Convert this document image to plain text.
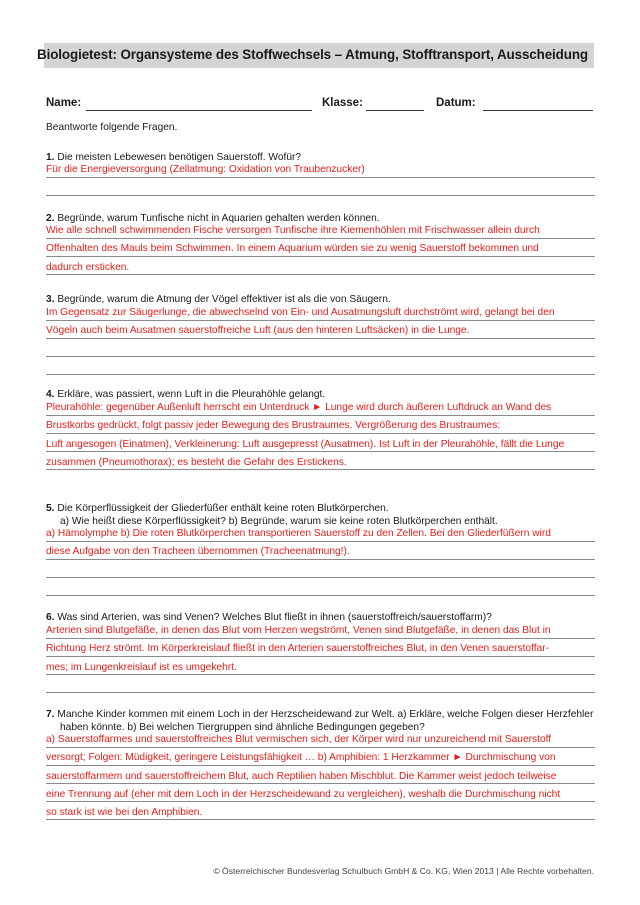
Biologietest: Organsysteme des Stoffwechsels – Atmung, Stofftransport, Ausscheidung
Name:	Klasse:	Datum:
Beantworte folgende Fragen.
1. Die meisten Lebewesen benötigen Sauerstoff. Wofür?
Für die Energieversorgung (Zellatmung: Oxidation von Traubenzucker)
2. Begründe, warum Tunfische nicht in Aquarien gehalten werden können.
Wie alle schnell schwimmenden Fische versorgen Tunfische ihre Kiemenhöhlen mit Frischwasser allein durch
Offenhalten des Mauls beim Schwimmen. In einem Aquarium würden sie zu wenig Sauerstoff bekommen und
dadurch ersticken.
3. Begründe, warum die Atmung der Vögel effektiver ist als die von Säugern.
Im Gegensatz zur Säugerlunge, die abwechselnd von Ein- und Ausatmungsluft durchströmt wird, gelangt bei den
Vögeln auch beim Ausatmen sauerstoffreiche Luft (aus den hinteren Luftsäcken) in die Lunge.
4. Erkläre, was passiert, wenn Luft in die Pleurahöhle gelangt.
Pleurahöhle: gegenüber Außenluft herrscht ein Unterdruck ► Lunge wird durch äußeren Luftdruck an Wand des
Brustkorbs gedrückt, folgt passiv jeder Bewegung des Brustraumes. Vergrößerung des Brustraumes:
Luft angesogen (Einatmen), Verkleinerung: Luft ausgepresst (Ausatmen). Ist Luft in der Pleurahöhle, fällt die Lunge
zusammen (Pneumothorax); es besteht die Gefahr des Erstickens.
5. Die Körperflüssigkeit der Gliederfüßer enthält keine roten Blutkörperchen.
a) Wie heißt diese Körperflüssigkeit? b) Begründe, warum sie keine roten Blutkörperchen enthält.
a) Hämolymphe b) Die roten Blutkörperchen transportieren Sauerstoff zu den Zellen. Bei den Gliederfüßern wird
diese Aufgabe von den Tracheen übernommen (Tracheenatmung!).
6. Was sind Arterien, was sind Venen? Welches Blut fließt in ihnen (sauerstoffreich/sauerstoffarm)?
Arterien sind Blutgefäße, in denen das Blut vom Herzen wegströmt, Venen sind Blutgefäße, in denen das Blut in
Richtung Herz strömt. Im Körperkreislauf fließt in den Arterien sauerstoffreiches Blut, in den Venen sauerstoffar-
mes; im Lungenkreislauf ist es umgekehrt.
7. Manche Kinder kommen mit einem Loch in der Herzscheidewand zur Welt. a) Erkläre, welche Folgen dieser Herzfehler
haben könnte. b) Bei welchen Tiergruppen sind ähnliche Bedingungen gegeben?
a) Sauerstoffarmes und sauerstoffreiches Blut vermischen sich, der Körper wird nur unzureichend mit Sauerstoff
versorgt; Folgen: Müdigkeit, geringere Leistungsfähigkeit … b) Amphibien: 1 Herzkammer ► Durchmischung von
sauerstoffarmem und sauerstoffreichem Blut, auch Reptilien haben Mischblut. Die Kammer weist jedoch teilweise
eine Trennung auf (eher mit dem Loch in der Herzscheidewand zu vergleichen), weshalb die Durchmischung nicht
so stark ist wie bei den Amphibien.
© Österreichischer Bundesverlag Schulbuch GmbH & Co. KG, Wien 2013 | Alle Rechte vorbehalten.
